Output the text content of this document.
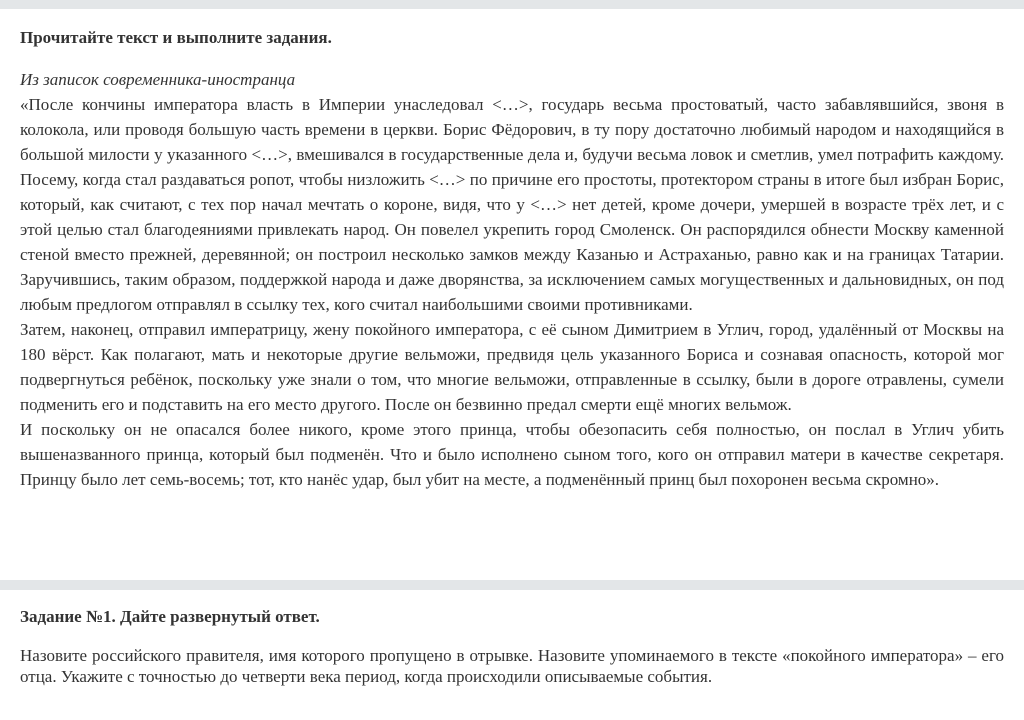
Прочитайте текст и выполните задания.

Из записок современника-иностранца

«После кончины императора власть в Империи унаследовал <…>, государь весьма простоватый, часто забавлявшийся, звоня в колокола, или проводя большую часть времени в церкви. Борис Фёдорович, в ту пору достаточно любимый народом и находящийся в большой милости у указанного <…>, вмешивался в государственные дела и, будучи весьма ловок и сметлив, умел потрафить каждому. Посему, когда стал раздаваться ропот, чтобы низложить <…> по причине его простоты, протектором страны в итоге был избран Борис, который, как считают, с тех пор начал мечтать о короне, видя, что у <…> нет детей, кроме дочери, умершей в возрасте трёх лет, и с этой целью стал благодеяниями привлекать народ. Он повелел укрепить город Смоленск. Он распорядился обнести Москву каменной стеной вместо прежней, деревянной; он построил несколько замков между Казанью и Астраханью, равно как и на границах Татарии. Заручившись, таким образом, поддержкой народа и даже дворянства, за исключением самых могущественных и дальновидных, он под любым предлогом отправлял в ссылку тех, кого считал наибольшими своими противниками.

Затем, наконец, отправил императрицу, жену покойного императора, с её сыном Димитрием в Углич, город, удалённый от Москвы на 180 вёрст. Как полагают, мать и некоторые другие вельможи, предвидя цель указанного Бориса и сознавая опасность, которой мог подвергнуться ребёнок, поскольку уже знали о том, что многие вельможи, отправленные в ссылку, были в дороге отравлены, сумели подменить его и подставить на его место другого. После он безвинно предал смерти ещё многих вельмож.

И поскольку он не опасался более никого, кроме этого принца, чтобы обезопасить себя полностью, он послал в Углич убить вышеназванного принца, который был подменён. Что и было исполнено сыном того, кого он отправил матери в качестве секретаря. Принцу было лет семь-восемь; тот, кто нанёс удар, был убит на месте, а подменённый принц был похоронен весьма скромно».

Задание №1. Дайте развернутый ответ.

Назовите российского правителя, имя которого пропущено в отрывке. Назовите упоминаемого в тексте «покойного императора» – его отца. Укажите с точностью до четверти века период, когда происходили описываемые события.
